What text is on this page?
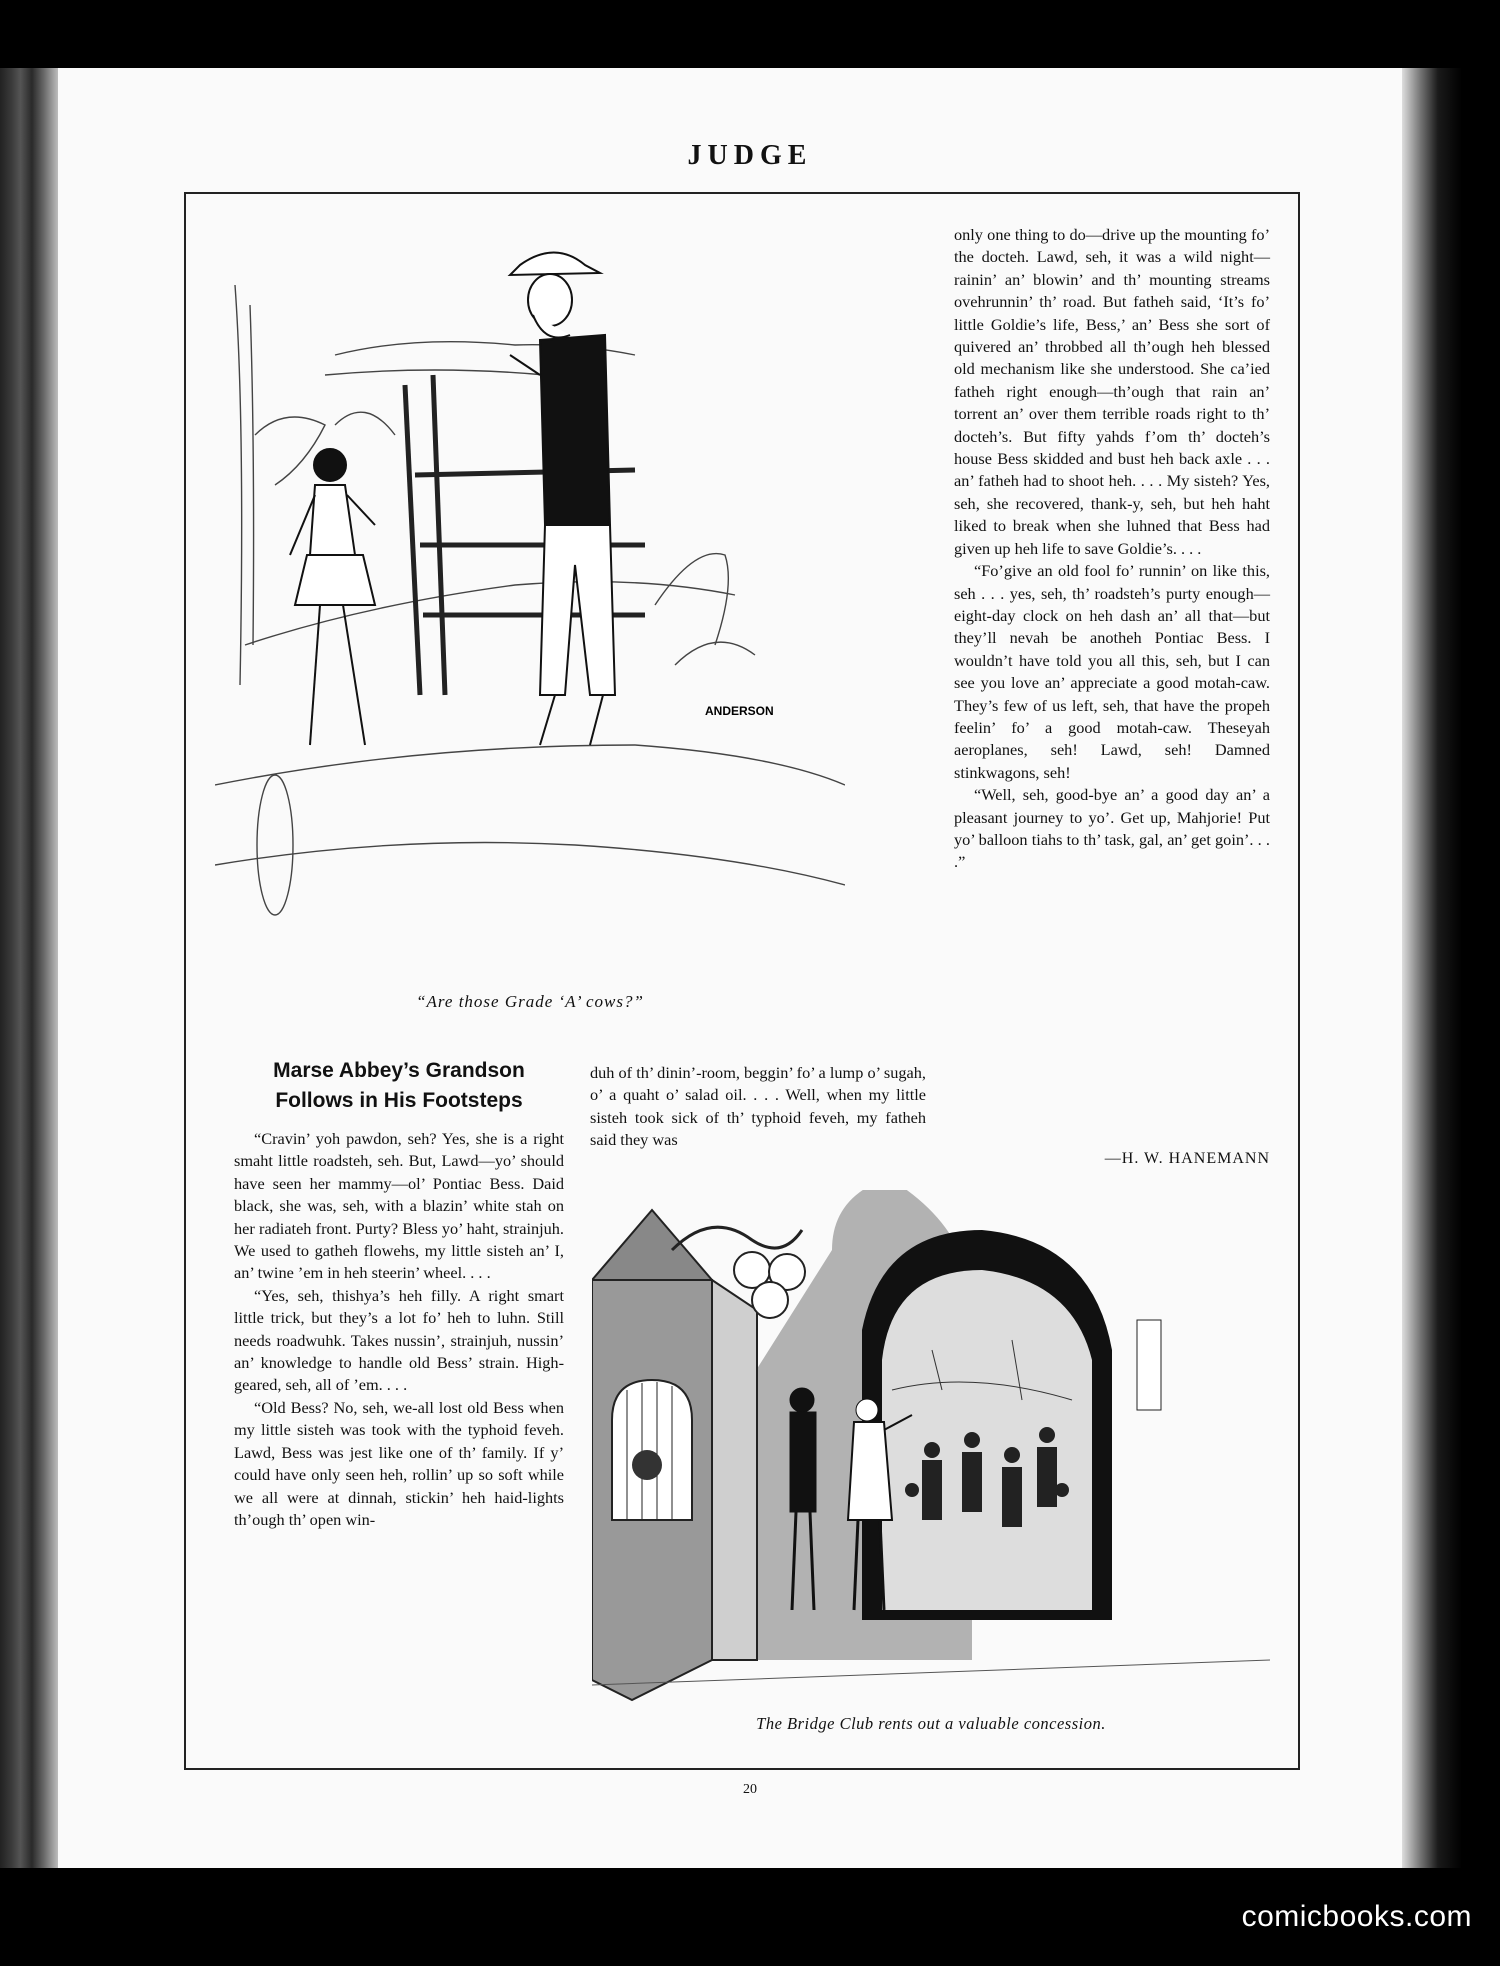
JUDGE
ANDERSON
“Are those Grade ‘A’ cows?”

only one thing to do—drive up the mounting fo’ the docteh. Lawd, seh, it was a wild night—rainin’ an’ blowin’ and th’ mounting streams ovehrunnin’ th’ road. But fatheh said, ‘It’s fo’ little Goldie’s life, Bess,’ an’ Bess she sort of quivered an’ throbbed all th’ough heh blessed old mechanism like she understood. She ca’ied fatheh right enough—th’ough that rain an’ torrent an’ over them terrible roads right to th’ docteh’s. But fifty yahds f’om th’ docteh’s house Bess skidded and bust heh back axle . . . an’ fatheh had to shoot heh. . . . My sisteh? Yes, seh, she recovered, thank-y, seh, but heh haht liked to break when she luhned that Bess had given up heh life to save Goldie’s. . . .

“Fo’give an old fool fo’ runnin’ on like this, seh . . . yes, seh, th’ roadsteh’s purty enough—eight-day clock on heh dash an’ all that—but they’ll nevah be anotheh Pontiac Bess. I wouldn’t have told you all this, seh, but I can see you love an’ appreciate a good motah-caw. They’s few of us left, seh, that have the propeh feelin’ fo’ a good motah-caw. Theseyah aeroplanes, seh! Lawd, seh! Damned stinkwagons, seh!

“Well, seh, good-bye an’ a good day an’ a pleasant journey to yo’. Get up, Mahjorie! Put yo’ balloon tiahs to th’ task, gal, an’ get goin’. . . .”

—H. W. HANEMANN
Marse Abbey’s Grandson
Follows in His Footsteps

“Cravin’ yoh pawdon, seh? Yes, she is a right smaht little roadsteh, seh. But, Lawd—yo’ should have seen her mammy—ol’ Pontiac Bess. Daid black, she was, seh, with a blazin’ white stah on her radiateh front. Purty? Bless yo’ haht, strainjuh. We used to gatheh flowehs, my little sisteh an’ I, an’ twine ’em in heh steerin’ wheel. . . .

“Yes, seh, thishya’s heh filly. A right smart little trick, but they’s a lot fo’ heh to luhn. Still needs roadwuhk. Takes nussin’, strainjuh, nussin’ an’ knowledge to handle old Bess’ strain. High-geared, seh, all of ’em. . . .

“Old Bess? No, seh, we-all lost old Bess when my little sisteh was took with the typhoid feveh. Lawd, Bess was jest like one of th’ family. If y’ could have only seen heh, rollin’ up so soft while we all were at dinnah, stickin’ heh haid-lights th’ough th’ open win-

duh of th’ dinin’-room, beggin’ fo’ a lump o’ sugah, o’ a quaht o’ salad oil. . . . Well, when my little sisteh took sick of th’ typhoid feveh, my fatheh said they was

The Bridge Club rents out a valuable concession.
20
comicbooks.com
